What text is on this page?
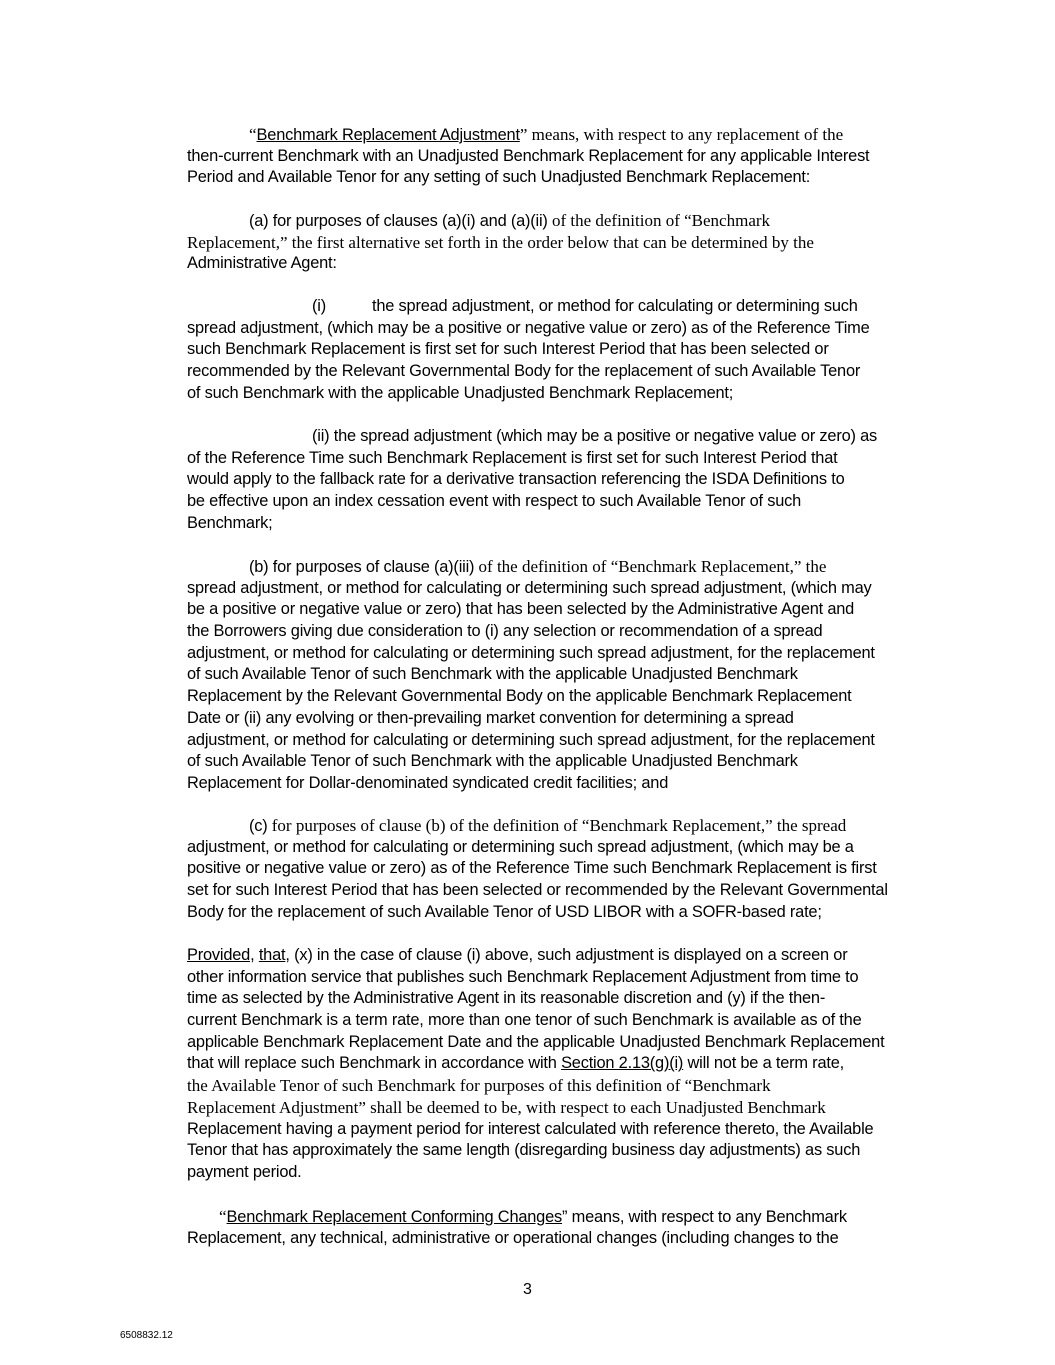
“Benchmark Replacement Adjustment” means, with respect to any replacement of the
then-current Benchmark with an Unadjusted Benchmark Replacement for any applicable Interest
Period and Available Tenor for any setting of such Unadjusted Benchmark Replacement:
(a) for purposes of clauses (a)(i) and (a)(ii) of the definition of “Benchmark
Replacement,” the first alternative set forth in the order below that can be determined by the
Administrative Agent:
(i)	the spread adjustment, or method for calculating or determining such
spread adjustment, (which may be a positive or negative value or zero) as of the Reference Time
such Benchmark Replacement is first set for such Interest Period that has been selected or
recommended by the Relevant Governmental Body for the replacement of such Available Tenor
of such Benchmark with the applicable Unadjusted Benchmark Replacement;
(ii) the spread adjustment (which may be a positive or negative value or zero) as
of the Reference Time such Benchmark Replacement is first set for such Interest Period that
would apply to the fallback rate for a derivative transaction referencing the ISDA Definitions to
be effective upon an index cessation event with respect to such Available Tenor of such
Benchmark;
(b) for purposes of clause (a)(iii) of the definition of “Benchmark Replacement,” the
spread adjustment, or method for calculating or determining such spread adjustment, (which may
be a positive or negative value or zero) that has been selected by the Administrative Agent and
the Borrowers giving due consideration to (i) any selection or recommendation of a spread
adjustment, or method for calculating or determining such spread adjustment, for the replacement
of such Available Tenor of such Benchmark with the applicable Unadjusted Benchmark
Replacement by the Relevant Governmental Body on the applicable Benchmark Replacement
Date or (ii) any evolving or then-prevailing market convention for determining a spread
adjustment, or method for calculating or determining such spread adjustment, for the replacement
of such Available Tenor of such Benchmark with the applicable Unadjusted Benchmark
Replacement for Dollar-denominated syndicated credit facilities; and
(c) for purposes of clause (b) of the definition of “Benchmark Replacement,” the spread
adjustment, or method for calculating or determining such spread adjustment, (which may be a
positive or negative value or zero) as of the Reference Time such Benchmark Replacement is first
set for such Interest Period that has been selected or recommended by the Relevant Governmental
Body for the replacement of such Available Tenor of USD LIBOR with a SOFR-based rate;
Provided, that, (x) in the case of clause (i) above, such adjustment is displayed on a screen or
other information service that publishes such Benchmark Replacement Adjustment from time to
time as selected by the Administrative Agent in its reasonable discretion and (y) if the then-
current Benchmark is a term rate, more than one tenor of such Benchmark is available as of the
applicable Benchmark Replacement Date and the applicable Unadjusted Benchmark Replacement
that will replace such Benchmark in accordance with Section 2.13(g)(i) will not be a term rate,
the Available Tenor of such Benchmark for purposes of this definition of “Benchmark
Replacement Adjustment” shall be deemed to be, with respect to each Unadjusted Benchmark
Replacement having a payment period for interest calculated with reference thereto, the Available
Tenor that has approximately the same length (disregarding business day adjustments) as such
payment period.
“Benchmark Replacement Conforming Changes” means, with respect to any Benchmark
Replacement, any technical, administrative or operational changes (including changes to the
3
6508832.12
